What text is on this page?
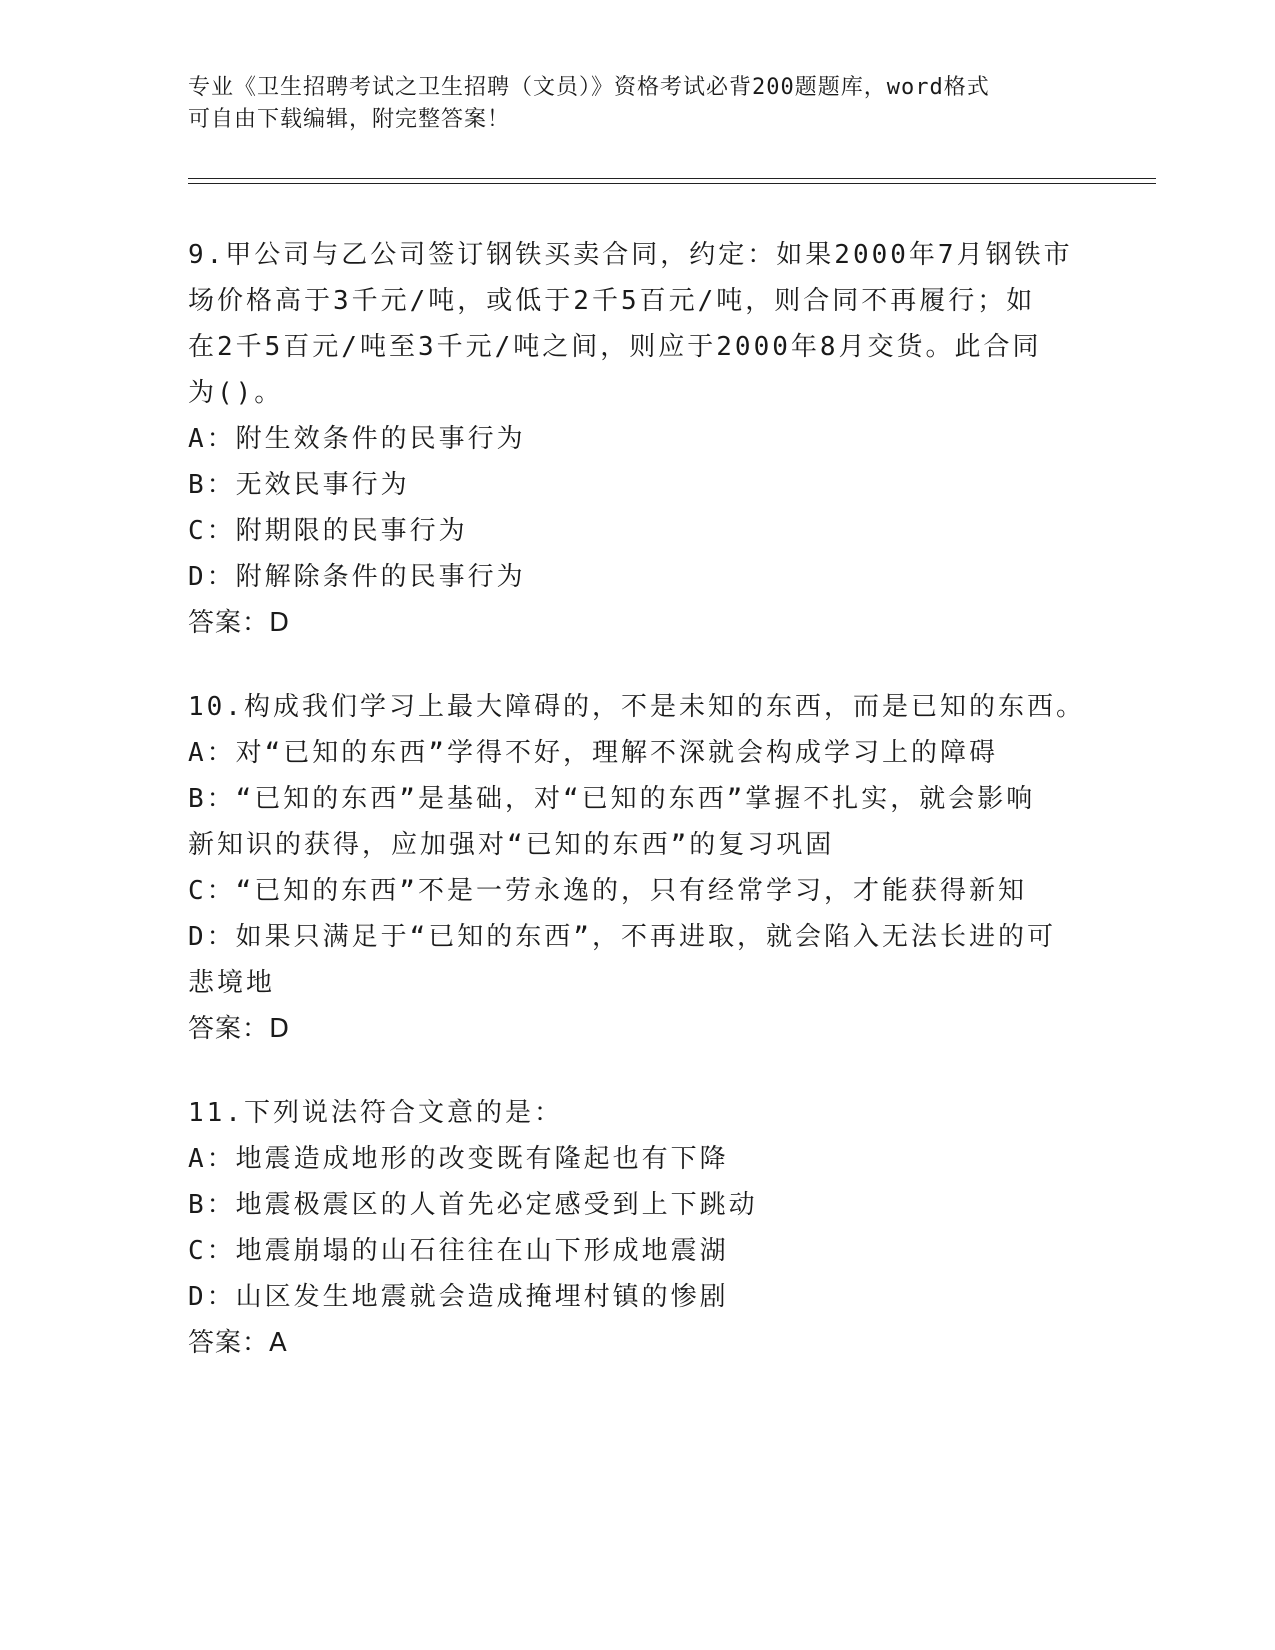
专业《卫生招聘考试之卫生招聘（文员）》资格考试必背200题题库，word格式
可自由下载编辑，附完整答案！
9.甲公司与乙公司签订钢铁买卖合同，约定：如果2000年7月钢铁市
场价格高于3千元/吨，或低于2千5百元/吨，则合同不再履行；如
在2千5百元/吨至3千元/吨之间，则应于2000年8月交货。此合同
为()。
A：附生效条件的民事行为
B：无效民事行为
C：附期限的民事行为
D：附解除条件的民事行为
答案：D
10.构成我们学习上最大障碍的，不是未知的东西，而是已知的东西。
A：对“已知的东西”学得不好，理解不深就会构成学习上的障碍
B：“已知的东西”是基础，对“已知的东西”掌握不扎实，就会影响
新知识的获得，应加强对“已知的东西”的复习巩固
C：“已知的东西”不是一劳永逸的，只有经常学习，才能获得新知
D：如果只满足于“已知的东西”，不再进取，就会陷入无法长进的可
悲境地
答案：D
11.下列说法符合文意的是：
A：地震造成地形的改变既有隆起也有下降
B：地震极震区的人首先必定感受到上下跳动
C：地震崩塌的山石往往在山下形成地震湖
D：山区发生地震就会造成掩埋村镇的惨剧
答案：A
